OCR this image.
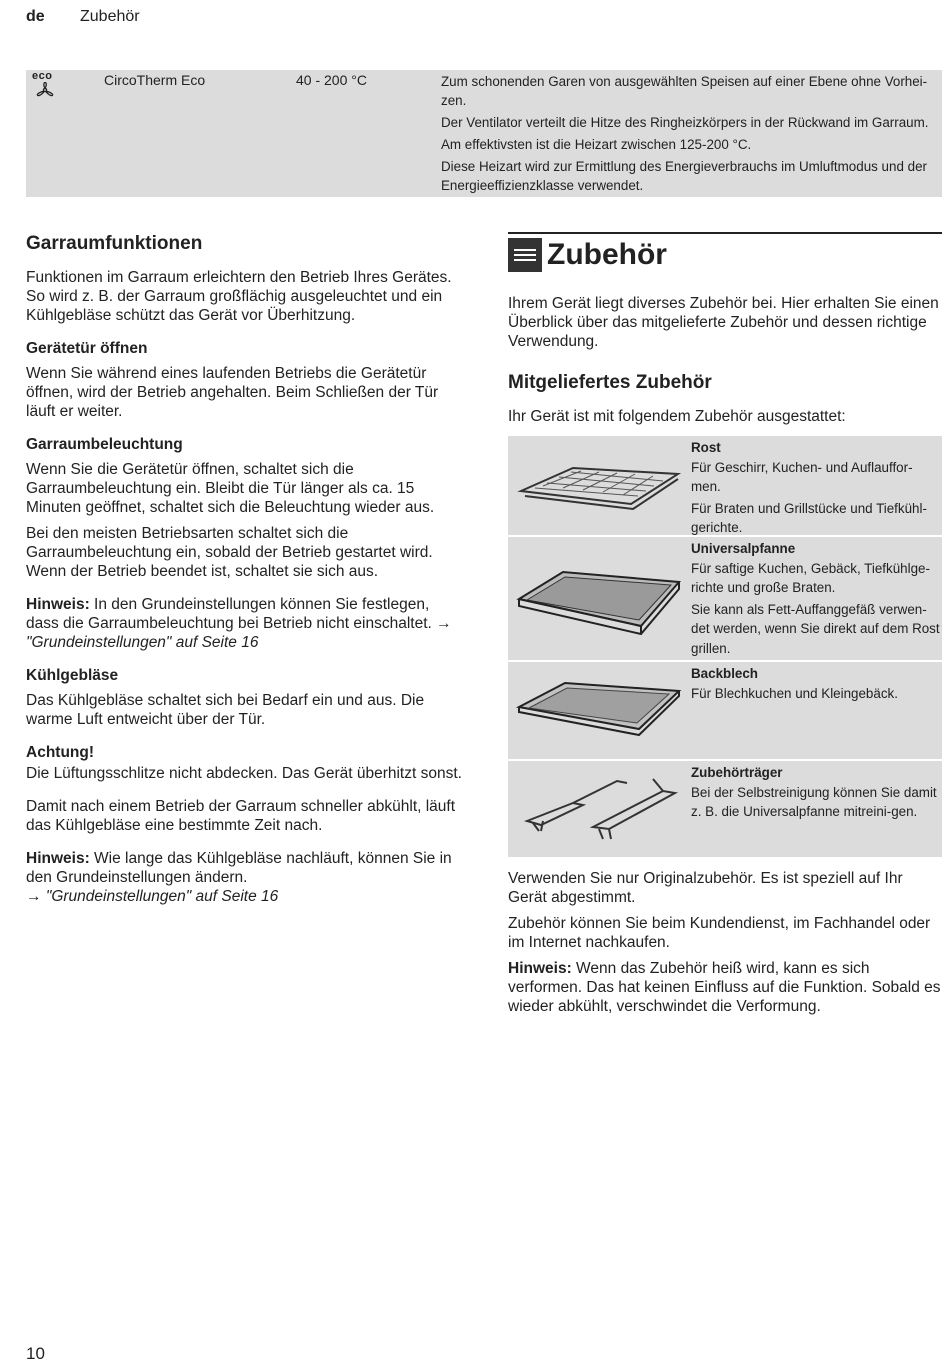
de Zubehör
eco	CircoTherm Eco	40 - 200 °C	Zum schonenden Garen von ausgewählten Speisen auf einer Ebene ohne Vorhei-zen.

Der Ventilator verteilt die Hitze des Ringheizkörpers in der Rückwand im Garraum.

Am effektivsten ist die Heizart zwischen 125-200 °C.

Diese Heizart wird zur Ermittlung des Energieverbrauchs im Umluftmodus und der Energieeffizienzklasse verwendet.

Garraumfunktionen

Funktionen im Garraum erleichtern den Betrieb Ihres Gerätes. So wird z. B. der Garraum großflächig ausgeleuchtet und ein Kühlgebläse schützt das Gerät vor Überhitzung.

Gerätetür öffnen

Wenn Sie während eines laufenden Betriebs die Gerätetür öffnen, wird der Betrieb angehalten. Beim Schließen der Tür läuft er weiter.

Garraumbeleuchtung

Wenn Sie die Gerätetür öffnen, schaltet sich die Garraumbeleuchtung ein. Bleibt die Tür länger als ca. 15 Minuten geöffnet, schaltet sich die Beleuchtung wieder aus.

Bei den meisten Betriebsarten schaltet sich die Garraumbeleuchtung ein, sobald der Betrieb gestartet wird. Wenn der Betrieb beendet ist, schaltet sie sich aus.

Hinweis: In den Grundeinstellungen können Sie festlegen, dass die Garraumbeleuchtung bei Betrieb nicht einschaltet. → "Grundeinstellungen" auf Seite 16

Kühlgebläse

Das Kühlgebläse schaltet sich bei Bedarf ein und aus. Die warme Luft entweicht über der Tür.

Achtung!

Die Lüftungsschlitze nicht abdecken. Das Gerät überhitzt sonst.

Damit nach einem Betrieb der Garraum schneller abkühlt, läuft das Kühlgebläse eine bestimmte Zeit nach.

Hinweis: Wie lange das Kühlgebläse nachläuft, können Sie in den Grundeinstellungen ändern.
→ "Grundeinstellungen" auf Seite 16

Zubehör

Ihrem Gerät liegt diverses Zubehör bei. Hier erhalten Sie einen Überblick über das mitgelieferte Zubehör und dessen richtige Verwendung.

Mitgeliefertes Zubehör

Ihr Gerät ist mit folgendem Zubehör ausgestattet:

Rost

Für Geschirr, Kuchen- und Auflauffor-men.

Für Braten und Grillstücke und Tiefkühl-gerichte.

Universalpfanne

Für saftige Kuchen, Gebäck, Tiefkühlge-richte und große Braten.

Sie kann als Fett-Auffanggefäß verwen-det werden, wenn Sie direkt auf dem Rost grillen.

Backblech

Für Blechkuchen und Kleingebäck.

Zubehörträger

Bei der Selbstreinigung können Sie damit z. B. die Universalpfanne mitreini-gen.

Verwenden Sie nur Originalzubehör. Es ist speziell auf Ihr Gerät abgestimmt.

Zubehör können Sie beim Kundendienst, im Fachhandel oder im Internet nachkaufen.

Hinweis: Wenn das Zubehör heiß wird, kann es sich verformen. Das hat keinen Einfluss auf die Funktion. Sobald es wieder abkühlt, verschwindet die Verformung.

10
